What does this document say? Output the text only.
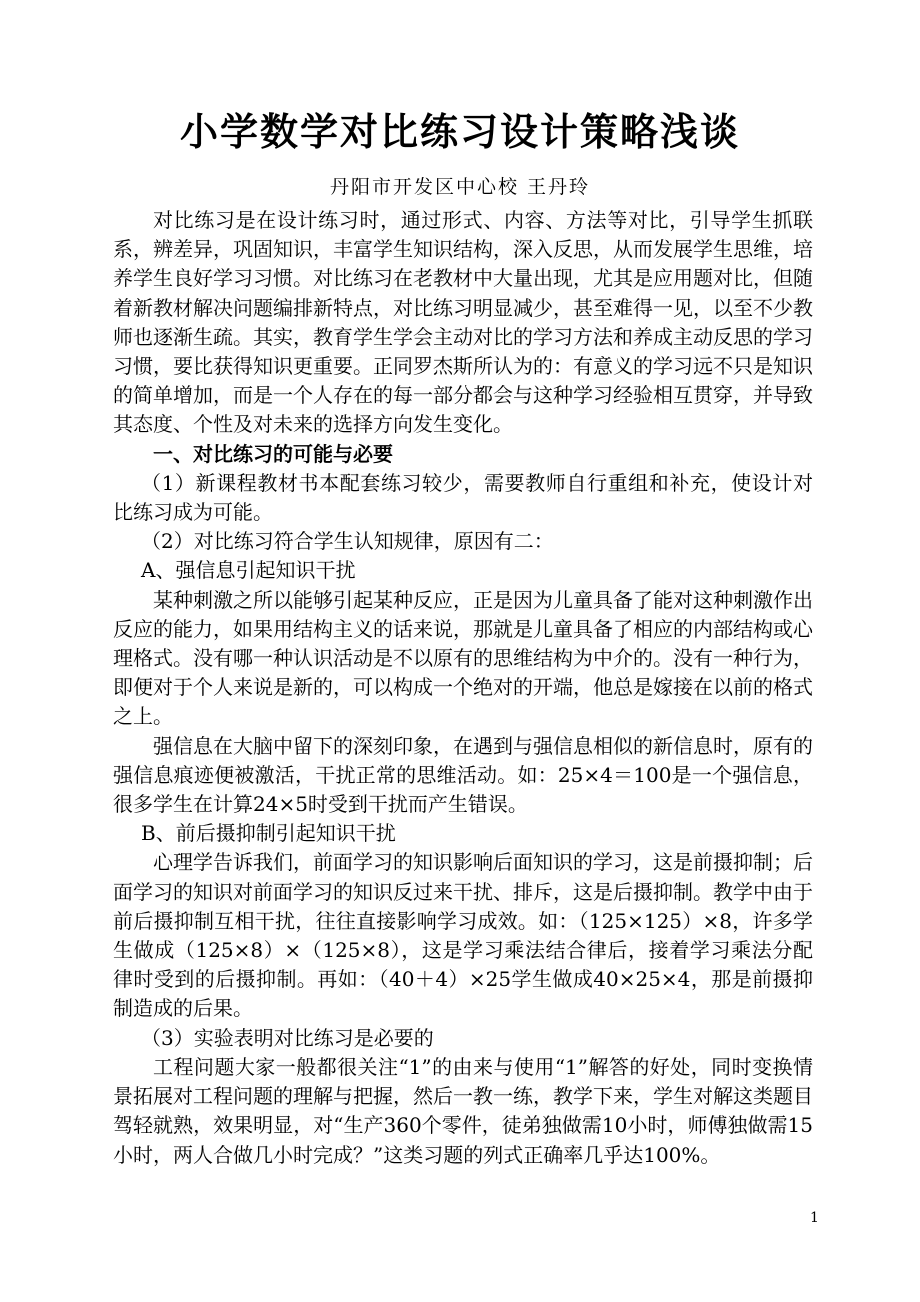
小学数学对比练习设计策略浅谈
丹阳市开发区中心校 王丹玲

对比练习是在设计练习时，通过形式、内容、方法等对比，引导学生抓联系，辨差异，巩固知识，丰富学生知识结构，深入反思，从而发展学生思维，培养学生良好学习习惯。对比练习在老教材中大量出现，尤其是应用题对比，但随着新教材解决问题编排新特点，对比练习明显减少，甚至难得一见，以至不少教师也逐渐生疏。其实，教育学生学会主动对比的学习方法和养成主动反思的学习习惯，要比获得知识更重要。正同罗杰斯所认为的：有意义的学习远不只是知识的简单增加，而是一个人存在的每一部分都会与这种学习经验相互贯穿，并导致其态度、个性及对未来的选择方向发生变化。

一、对比练习的可能与必要

（1）新课程教材书本配套练习较少，需要教师自行重组和补充，使设计对比练习成为可能。

（2）对比练习符合学生认知规律，原因有二：

A、强信息引起知识干扰

某种刺激之所以能够引起某种反应，正是因为儿童具备了能对这种刺激作出反应的能力，如果用结构主义的话来说，那就是儿童具备了相应的内部结构或心理格式。没有哪一种认识活动是不以原有的思维结构为中介的。没有一种行为，即便对于个人来说是新的，可以构成一个绝对的开端，他总是嫁接在以前的格式之上。

强信息在大脑中留下的深刻印象，在遇到与强信息相似的新信息时，原有的强信息痕迹便被激活，干扰正常的思维活动。如：25×4＝100是一个强信息，很多学生在计算24×5时受到干扰而产生错误。

B、前后摄抑制引起知识干扰

心理学告诉我们，前面学习的知识影响后面知识的学习，这是前摄抑制；后面学习的知识对前面学习的知识反过来干扰、排斥，这是后摄抑制。教学中由于前后摄抑制互相干扰，往往直接影响学习成效。如：（125×125）×8，许多学生做成（125×8）×（125×8），这是学习乘法结合律后，接着学习乘法分配律时受到的后摄抑制。再如：（40＋4）×25学生做成40×25×4，那是前摄抑制造成的后果。

（3）实验表明对比练习是必要的

工程问题大家一般都很关注“1”的由来与使用“1”解答的好处，同时变换情景拓展对工程问题的理解与把握，然后一教一练，教学下来，学生对解这类题目驾轻就熟，效果明显，对“生产360个零件，徒弟独做需10小时，师傅独做需15小时，两人合做几小时完成？”这类习题的列式正确率几乎达100%。

1
